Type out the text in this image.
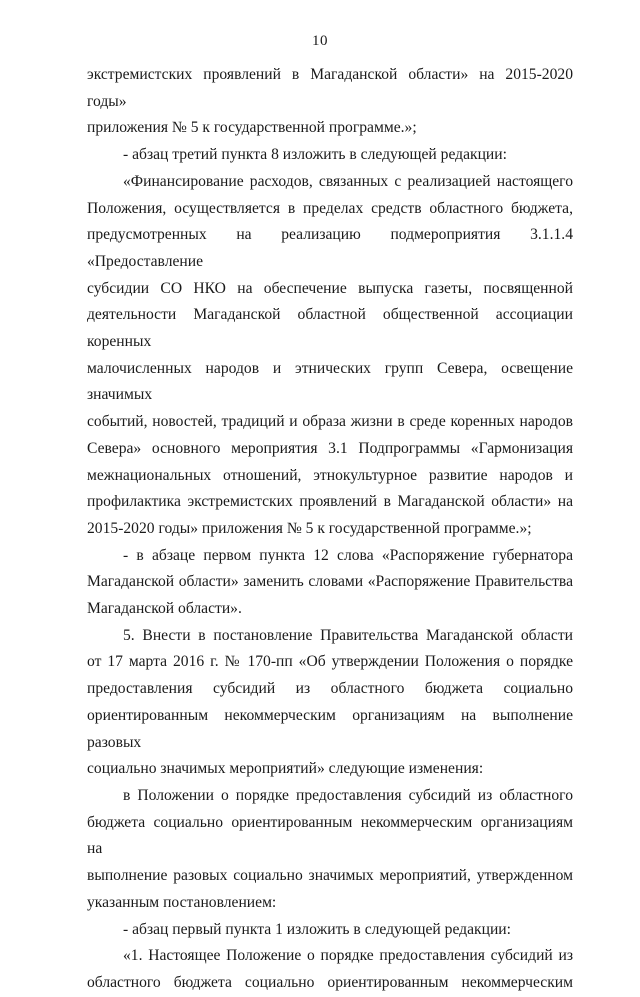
10

экстремистских проявлений в Магаданской области» на 2015-2020 годы»

приложения № 5 к государственной программе.»;

- абзац третий пункта 8 изложить в следующей редакции:

«Финансирование расходов, связанных с реализацией настоящего

Положения, осуществляется в пределах средств областного бюджета,

предусмотренных на реализацию подмероприятия 3.1.1.4 «Предоставление

субсидии СО НКО на обеспечение выпуска газеты, посвященной

деятельности Магаданской областной общественной ассоциации коренных

малочисленных народов и этнических групп Севера, освещение значимых

событий, новостей, традиций и образа жизни в среде коренных народов

Севера» основного мероприятия 3.1 Подпрограммы «Гармонизация

межнациональных отношений, этнокультурное развитие народов и

профилактика экстремистских проявлений в Магаданской области» на

2015-2020 годы» приложения № 5 к государственной программе.»;

- в абзаце первом пункта 12 слова «Распоряжение губернатора

Магаданской области» заменить словами «Распоряжение Правительства

Магаданской области».

5. Внести в постановление Правительства Магаданской области

от 17 марта 2016 г. № 170-пп «Об утверждении Положения о порядке

предоставления субсидий из областного бюджета социально

ориентированным некоммерческим организациям на выполнение разовых

социально значимых мероприятий» следующие изменения:

в Положении о порядке предоставления субсидий из областного

бюджета социально ориентированным некоммерческим организациям на

выполнение разовых социально значимых мероприятий, утвержденном

указанным постановлением:

- абзац первый пункта 1 изложить в следующей редакции:

«1. Настоящее Положение о порядке предоставления субсидий из

областного бюджета социально ориентированным некоммерческим
